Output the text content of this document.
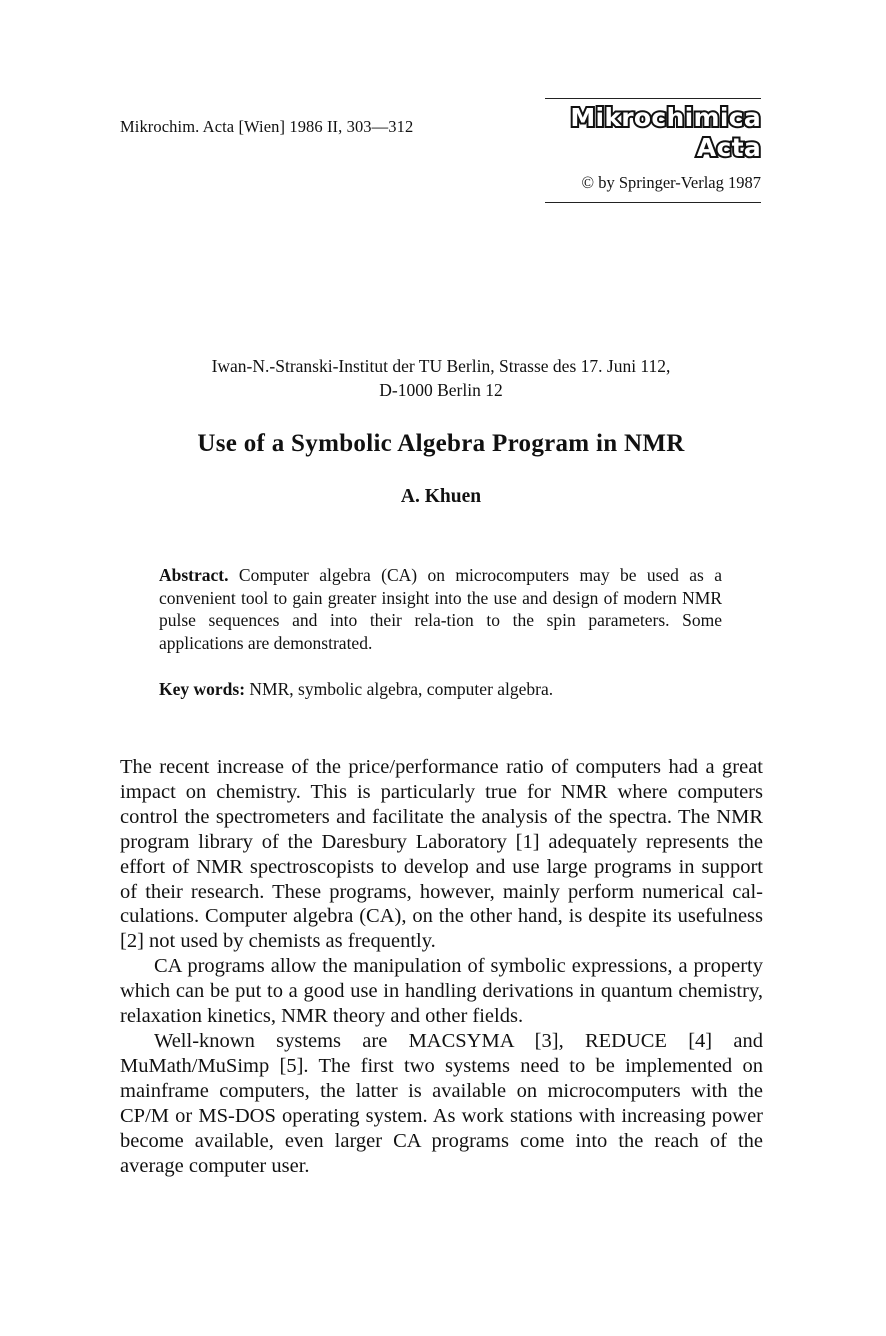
Mikrochim. Acta [Wien] 1986 II, 303—312	Mikrochimica Acta
© by Springer-Verlag 1987
Iwan-N.-Stranski-Institut der TU Berlin, Strasse des 17. Juni 112,
D-1000 Berlin 12
Use of a Symbolic Algebra Program in NMR
A. Khuen
Abstract. Computer algebra (CA) on microcomputers may be used as a convenient tool to gain greater insight into the use and design of modern NMR pulse sequences and into their rela-tion to the spin parameters. Some applications are demonstrated.
Key words: NMR, symbolic algebra, computer algebra.

The recent increase of the price/performance ratio of computers had a great impact on chemistry. This is particularly true for NMR where computers control the spectrometers and facilitate the analysis of the spectra. The NMR program library of the Daresbury Laboratory [1] adequately represents the effort of NMR spectroscopists to develop and use large programs in support of their research. These programs, however, mainly perform numerical calculations. Computer algebra (CA), on the other hand, is despite its usefulness [2] not used by chemists as frequently.

CA programs allow the manipulation of symbolic expressions, a property which can be put to a good use in handling derivations in quantum chemistry, relaxation kinetics, NMR theory and other fields.

Well-known systems are MACSYMA [3], REDUCE [4] and MuMath/MuSimp [5]. The first two systems need to be implemented on mainframe computers, the latter is available on microcomputers with the CP/M or MS-DOS operating system. As work stations with increasing power become available, even larger CA programs come into the reach of the average computer user.
